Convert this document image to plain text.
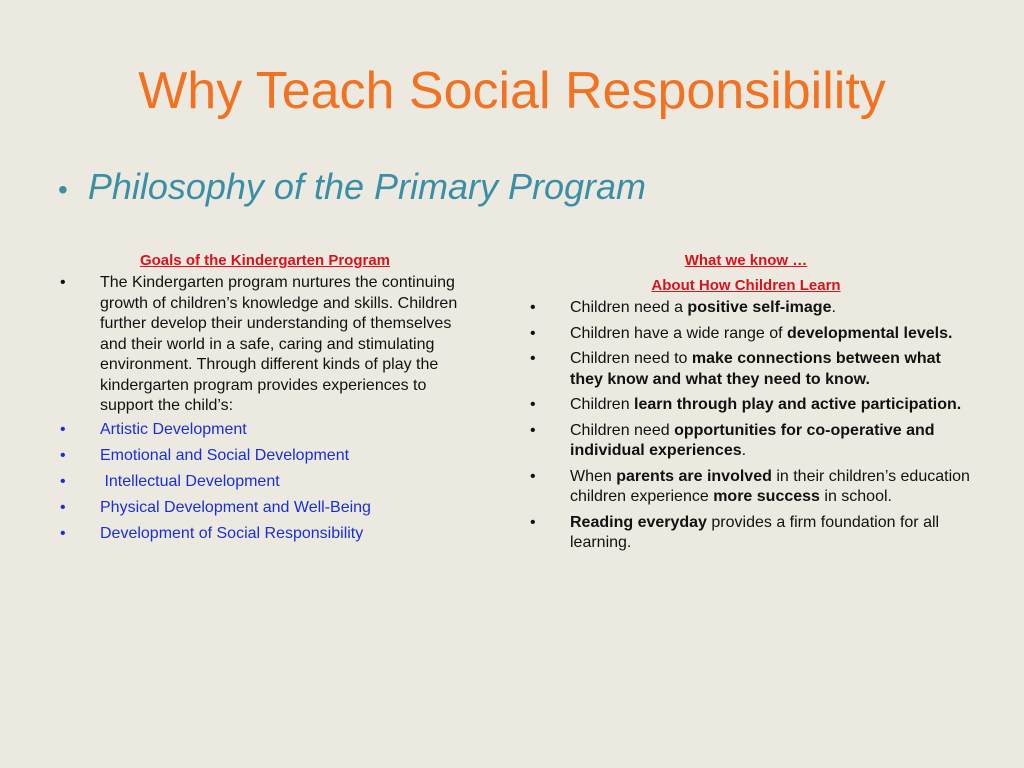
Why Teach Social Responsibility
• Philosophy of the Primary Program
Goals of the Kindergarten Program
•	The Kindergarten program nurtures the continuing growth of children’s knowledge and skills. Children further develop their understanding of themselves and their world in a safe, caring and stimulating environment. Through different kinds of play the kindergarten program provides experiences to support the child’s:
•	Artistic Development
•	Emotional and Social Development
•	Intellectual Development
•	Physical Development and Well-Being
•	Development of Social Responsibility
What we know …
About How Children Learn
•	Children need a positive self-image.
•	Children have a wide range of developmental levels.
•	Children need to make connections between what they know and what they need to know.
•	Children learn through play and active participation.
•	Children need opportunities for co-operative and individual experiences.
•	When parents are involved in their children’s education children experience more success in school.
•	Reading everyday provides a firm foundation for all learning.
